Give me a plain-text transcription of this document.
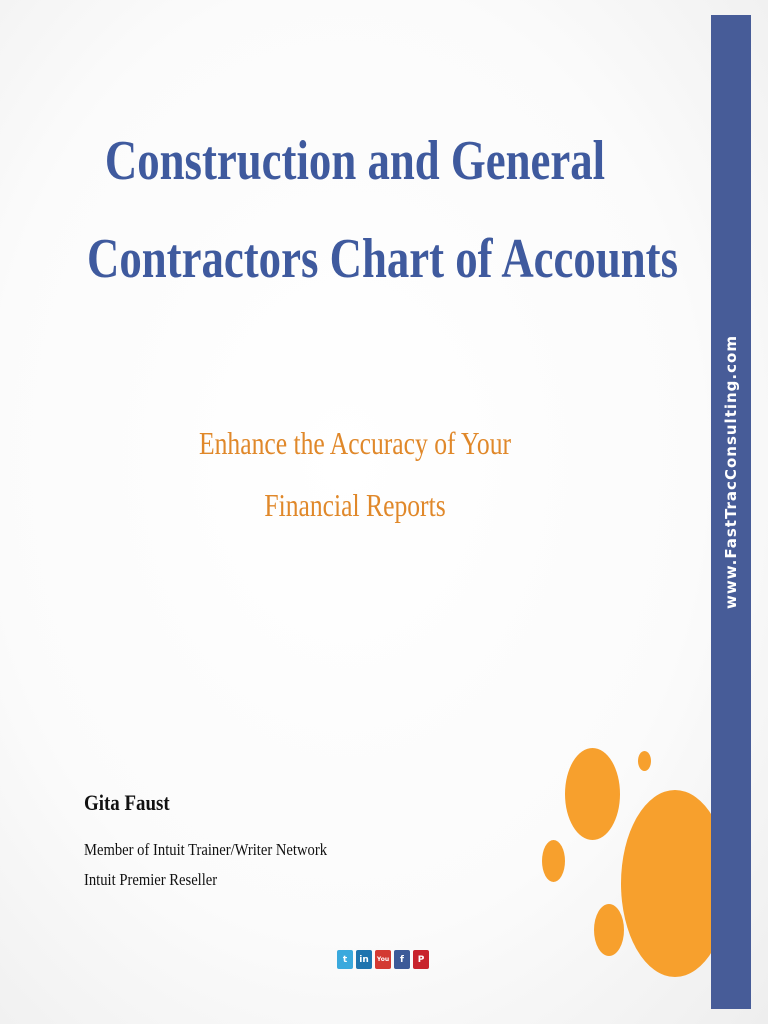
Construction and General
Contractors Chart of Accounts
Enhance the Accuracy of Your
Financial Reports
Gita Faust
Member of Intuit Trainer/Writer Network
Intuit Premier Reseller
t	in	You	f	P
www.FastTracConsulting.com
